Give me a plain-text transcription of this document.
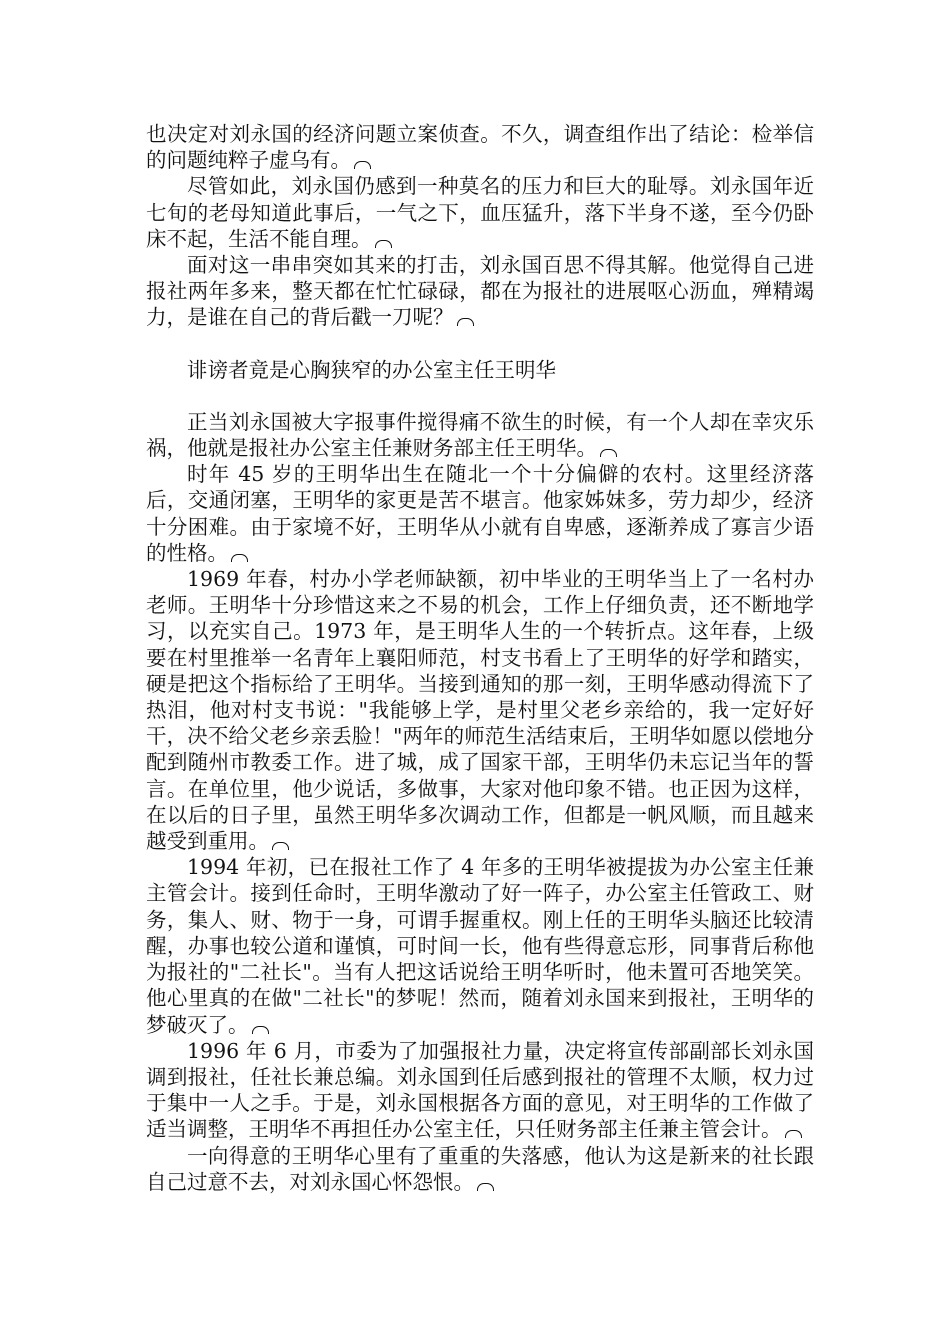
也决定对刘永国的经济问题立案侦查。不久，调查组作出了结论：检举信的问题纯粹子虚乌有。

尽管如此，刘永国仍感到一种莫名的压力和巨大的耻辱。刘永国年近七旬的老母知道此事后，一气之下，血压猛升，落下半身不遂，至今仍卧床不起，生活不能自理。

面对这一串串突如其来的打击，刘永国百思不得其解。他觉得自己进报社两年多来，整天都在忙忙碌碌，都在为报社的进展呕心沥血，殚精竭力，是谁在自己的背后戳一刀呢？

诽谤者竟是心胸狭窄的办公室主任王明华

正当刘永国被大字报事件搅得痛不欲生的时候，有一个人却在幸灾乐祸，他就是报社办公室主任兼财务部主任王明华。

时年 45 岁的王明华出生在随北一个十分偏僻的农村。这里经济落后，交通闭塞，王明华的家更是苦不堪言。他家姊妹多，劳力却少，经济十分困难。由于家境不好，王明华从小就有自卑感，逐渐养成了寡言少语的性格。

1969 年春，村办小学老师缺额，初中毕业的王明华当上了一名村办老师。王明华十分珍惜这来之不易的机会，工作上仔细负责，还不断地学习，以充实自己。1973 年，是王明华人生的一个转折点。这年春，上级要在村里推举一名青年上襄阳师范，村支书看上了王明华的好学和踏实，硬是把这个指标给了王明华。当接到通知的那一刻，王明华感动得流下了热泪，他对村支书说："我能够上学，是村里父老乡亲给的，我一定好好干，决不给父老乡亲丢脸！"两年的师范生活结束后，王明华如愿以偿地分配到随州市教委工作。进了城，成了国家干部，王明华仍未忘记当年的誓言。在单位里，他少说话，多做事，大家对他印象不错。也正因为这样，在以后的日子里，虽然王明华多次调动工作，但都是一帆风顺，而且越来越受到重用。

1994 年初，已在报社工作了 4 年多的王明华被提拔为办公室主任兼主管会计。接到任命时，王明华激动了好一阵子，办公室主任管政工、财务，集人、财、物于一身，可谓手握重权。刚上任的王明华头脑还比较清醒，办事也较公道和谨慎，可时间一长，他有些得意忘形，同事背后称他为报社的"二社长"。当有人把这话说给王明华听时，他未置可否地笑笑。他心里真的在做"二社长"的梦呢！然而，随着刘永国来到报社，王明华的梦破灭了。

1996 年 6 月，市委为了加强报社力量，决定将宣传部副部长刘永国调到报社，任社长兼总编。刘永国到任后感到报社的管理不太顺，权力过于集中一人之手。于是，刘永国根据各方面的意见，对王明华的工作做了适当调整，王明华不再担任办公室主任，只任财务部主任兼主管会计。

一向得意的王明华心里有了重重的失落感，他认为这是新来的社长跟自己过意不去，对刘永国心怀怨恨。
